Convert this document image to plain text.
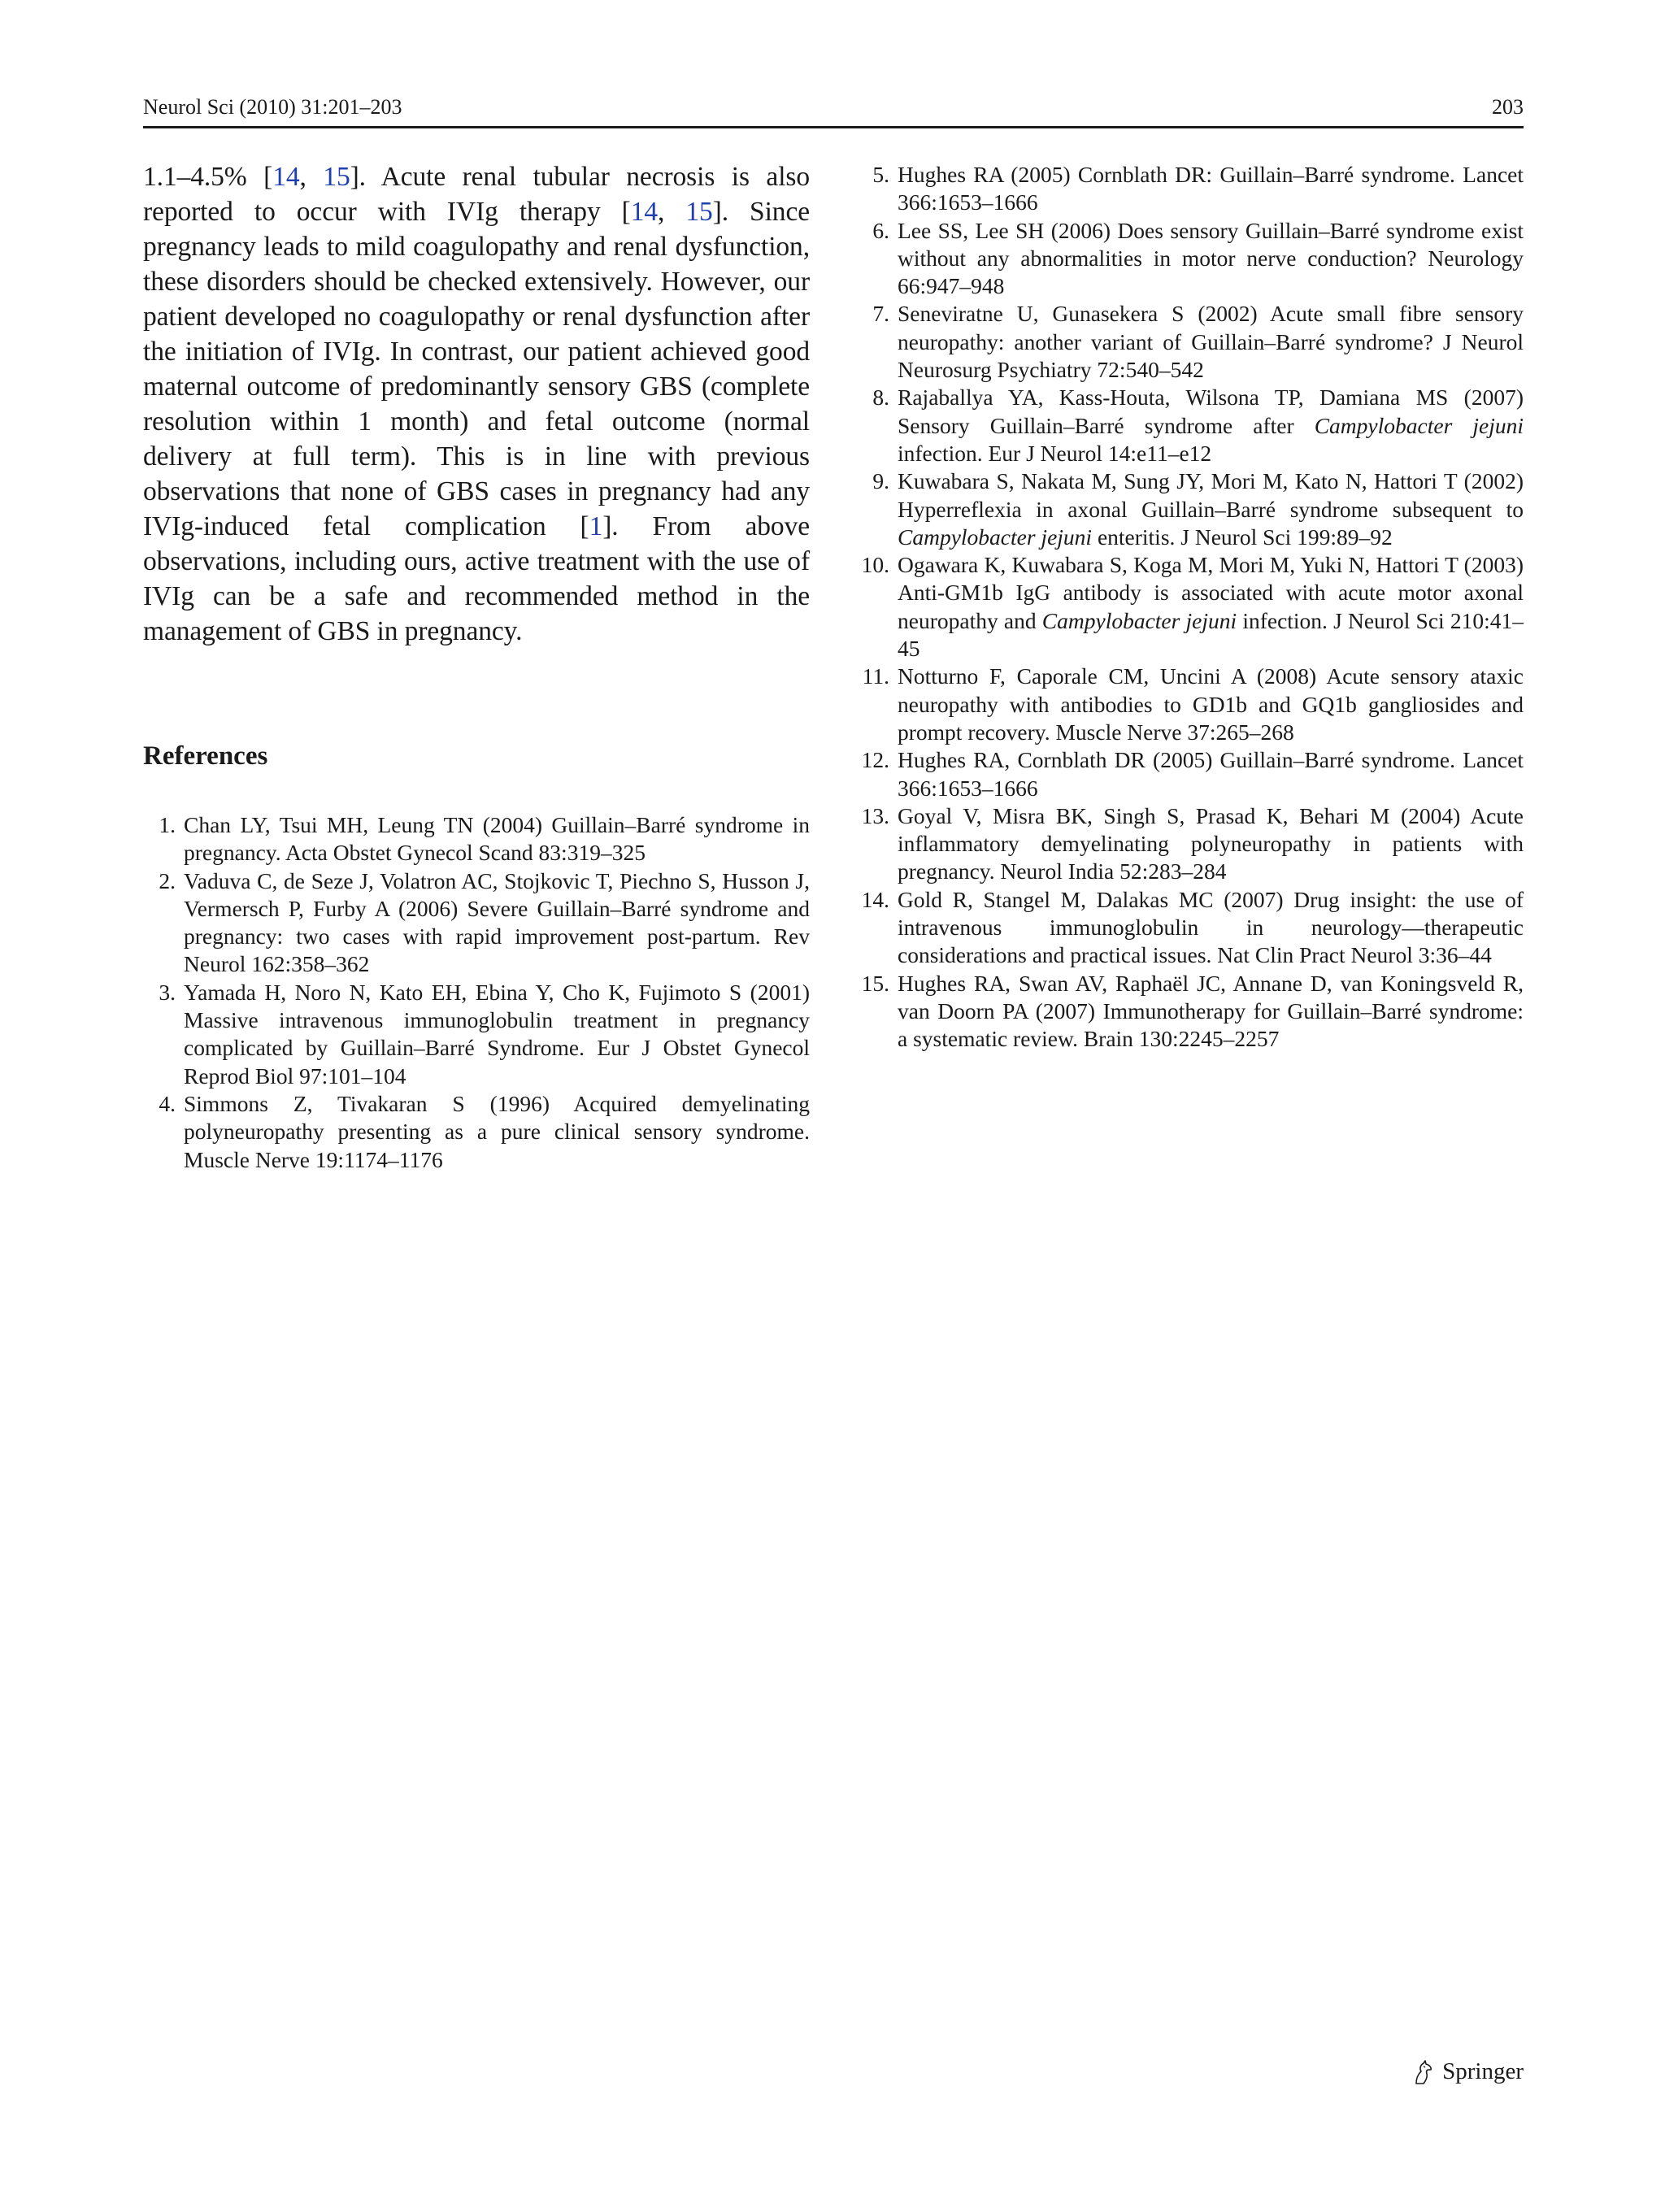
Neurol Sci (2010) 31:201–203	203

1.1–4.5% [14, 15]. Acute renal tubular necrosis is also reported to occur with IVIg therapy [14, 15]. Since pregnancy leads to mild coagulopathy and renal dysfunction, these disorders should be checked extensively. However, our patient developed no coagulopathy or renal dysfunction after the initiation of IVIg. In contrast, our patient achieved good maternal outcome of predominantly sensory GBS (complete resolution within 1 month) and fetal outcome (normal delivery at full term). This is in line with previous observations that none of GBS cases in pregnancy had any IVIg-induced fetal complication [1]. From above observations, including ours, active treatment with the use of IVIg can be a safe and recommended method in the management of GBS in pregnancy.

References
1. Chan LY, Tsui MH, Leung TN (2004) Guillain–Barré syndrome in pregnancy. Acta Obstet Gynecol Scand 83:319–325
2. Vaduva C, de Seze J, Volatron AC, Stojkovic T, Piechno S, Husson J, Vermersch P, Furby A (2006) Severe Guillain–Barré syndrome and pregnancy: two cases with rapid improvement post-partum. Rev Neurol 162:358–362
3. Yamada H, Noro N, Kato EH, Ebina Y, Cho K, Fujimoto S (2001) Massive intravenous immunoglobulin treatment in pregnancy complicated by Guillain–Barré Syndrome. Eur J Obstet Gynecol Reprod Biol 97:101–104
4. Simmons Z, Tivakaran S (1996) Acquired demyelinating polyneuropathy presenting as a pure clinical sensory syndrome. Muscle Nerve 19:1174–1176
5. Hughes RA (2005) Cornblath DR: Guillain–Barré syndrome. Lancet 366:1653–1666
6. Lee SS, Lee SH (2006) Does sensory Guillain–Barré syndrome exist without any abnormalities in motor nerve conduction? Neurology 66:947–948
7. Seneviratne U, Gunasekera S (2002) Acute small fibre sensory neuropathy: another variant of Guillain–Barré syndrome? J Neurol Neurosurg Psychiatry 72:540–542
8. Rajaballya YA, Kass-Houta, Wilsona TP, Damiana MS (2007) Sensory Guillain–Barré syndrome after Campylobacter jejuni infection. Eur J Neurol 14:e11–e12
9. Kuwabara S, Nakata M, Sung JY, Mori M, Kato N, Hattori T (2002) Hyperreflexia in axonal Guillain–Barré syndrome subsequent to Campylobacter jejuni enteritis. J Neurol Sci 199:89–92
10. Ogawara K, Kuwabara S, Koga M, Mori M, Yuki N, Hattori T (2003) Anti-GM1b IgG antibody is associated with acute motor axonal neuropathy and Campylobacter jejuni infection. J Neurol Sci 210:41–45
11. Notturno F, Caporale CM, Uncini A (2008) Acute sensory ataxic neuropathy with antibodies to GD1b and GQ1b gangliosides and prompt recovery. Muscle Nerve 37:265–268
12. Hughes RA, Cornblath DR (2005) Guillain–Barré syndrome. Lancet 366:1653–1666
13. Goyal V, Misra BK, Singh S, Prasad K, Behari M (2004) Acute inflammatory demyelinating polyneuropathy in patients with pregnancy. Neurol India 52:283–284
14. Gold R, Stangel M, Dalakas MC (2007) Drug insight: the use of intravenous immunoglobulin in neurology—therapeutic considerations and practical issues. Nat Clin Pract Neurol 3:36–44
15. Hughes RA, Swan AV, Raphaël JC, Annane D, van Koningsveld R, van Doorn PA (2007) Immunotherapy for Guillain–Barré syndrome: a systematic review. Brain 130:2245–2257
Springer
